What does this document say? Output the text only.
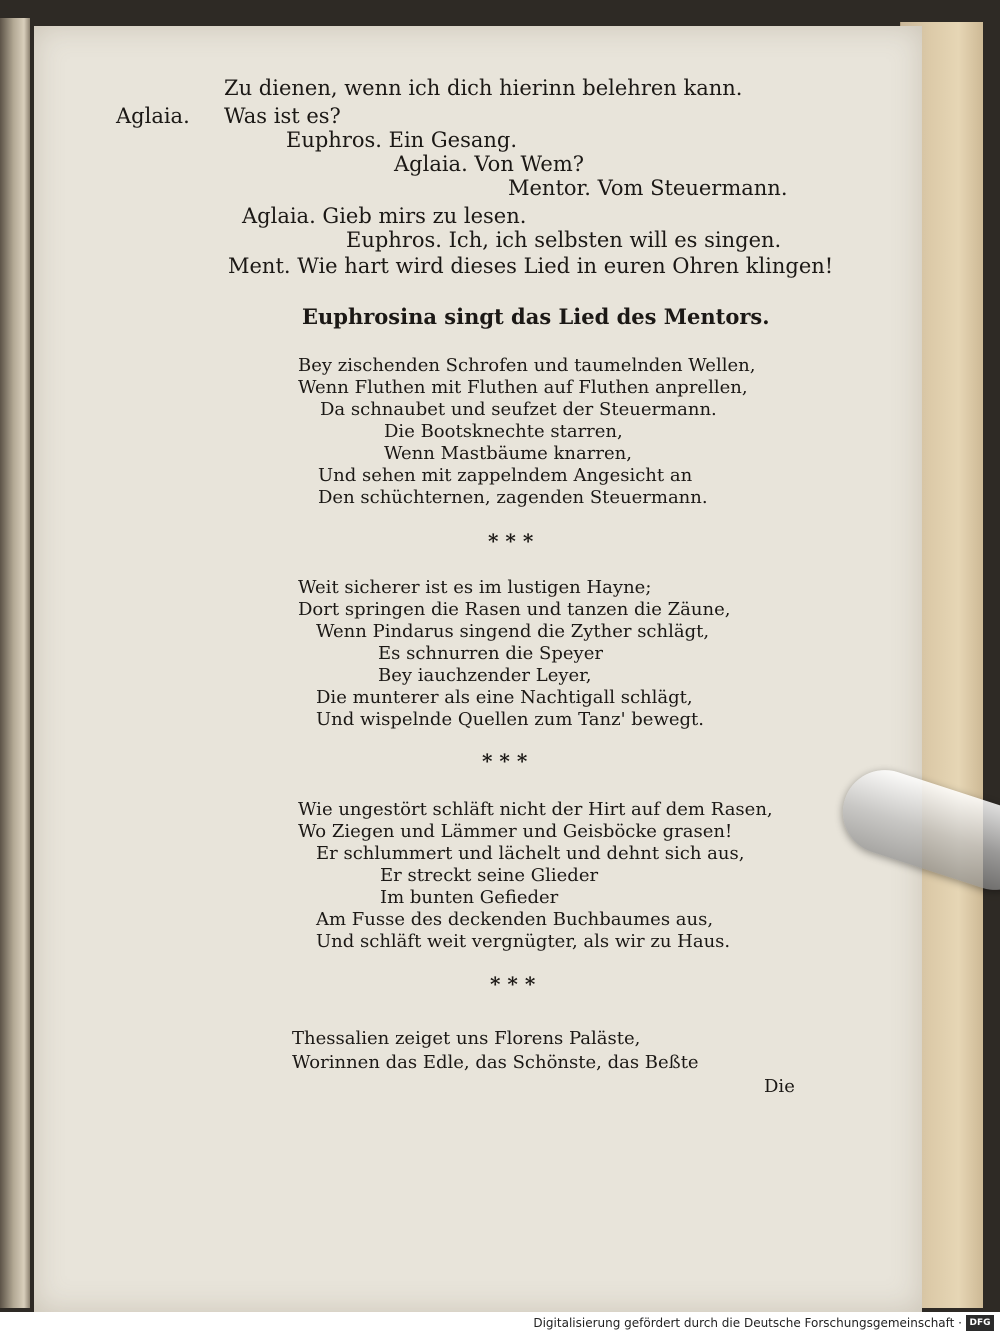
Zu dienen, wenn ich dich hierinn belehren kann.
Aglaia. Was ist es?
Euphros. Ein Gesang.
Aglaia. Von Wem?
Mentor. Vom Steuermann.
Aglaia. Gieb mirs zu lesen.
Euphros. Ich, ich selbsten will es singen.
Ment. Wie hart wird dieses Lied in euren Ohren klingen!
Euphrosina singt das Lied des Mentors.
Bey zischenden Schrofen und taumelnden Wellen,
Wenn Fluthen mit Fluthen auf Fluthen anprellen,
Da schnaubet und seufzet der Steuermann.
Die Bootsknechte starren,
Wenn Mastbäume knarren,
Und sehen mit zappelndem Angesicht an
Den schüchternen, zagenden Steuermann.
* * *
Weit sicherer ist es im lustigen Hayne;
Dort springen die Rasen und tanzen die Zäune,
Wenn Pindarus singend die Zyther schlägt,
Es schnurren die Speyer
Bey iauchzender Leyer,
Die munterer als eine Nachtigall schlägt,
Und wispelnde Quellen zum Tanz' bewegt.
* * *
Wie ungestört schläft nicht der Hirt auf dem Rasen,
Wo Ziegen und Lämmer und Geisböcke grasen!
Er schlummert und lächelt und dehnt sich aus,
Er streckt seine Glieder
Im bunten Gefieder
Am Fusse des deckenden Buchbaumes aus,
Und schläft weit vergnügter, als wir zu Haus.
* * *
Thessalien zeiget uns Florens Paläste,
Worinnen das Edle, das Schönste, das Beßte
Die
Digitalisierung gefördert durch die Deutsche Forschungsgemeinschaft · DFG
